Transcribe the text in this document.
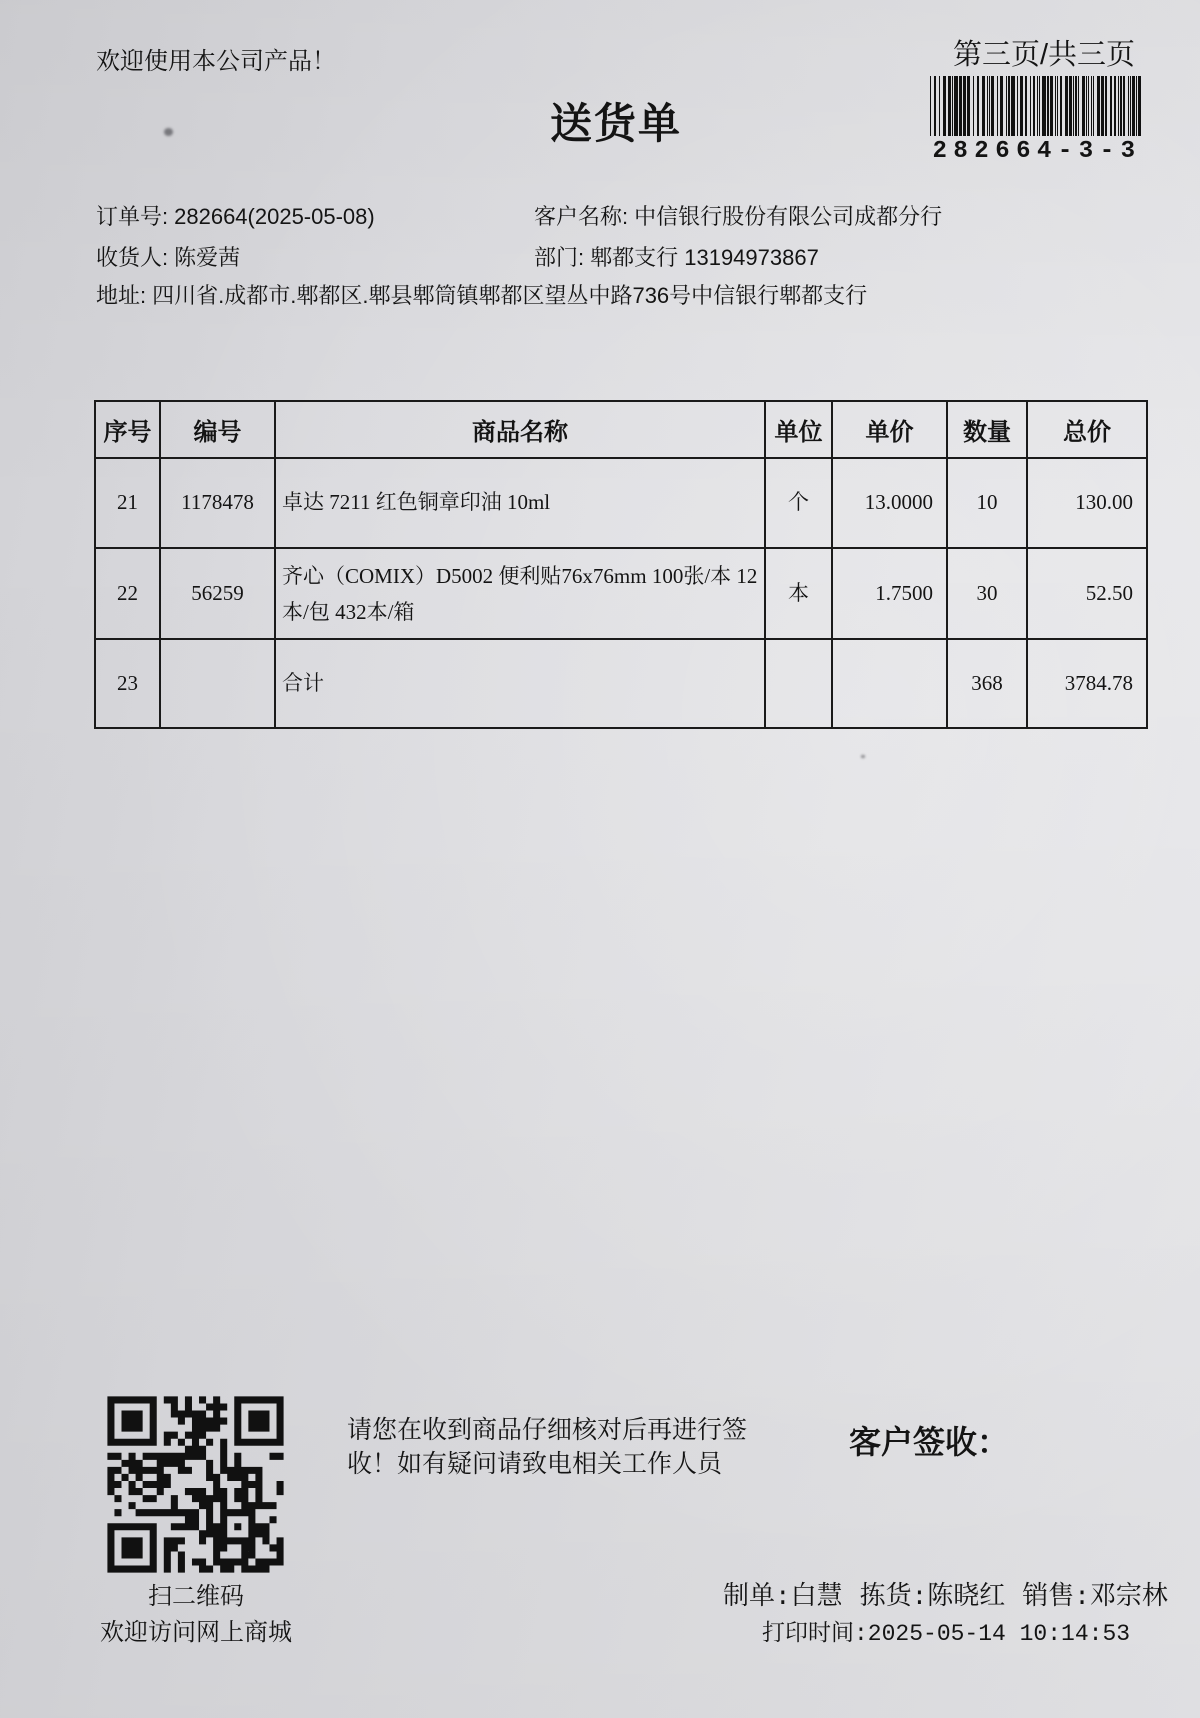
欢迎使用本公司产品！	第三页/共三页
282664-3-3
送货单
订单号: 282664(2025-05-08)	客户名称: 中信银行股份有限公司成都分行
收货人: 陈爱茜	部门: 郫都支行 13194973867
地址: 四川省.成都市.郫都区.郫县郫筒镇郫都区望丛中路736号中信银行郫都支行
序号	编号	商品名称	单位	单价	数量	总价
21	1178478	卓达 7211 红色铜章印油 10ml	个	13.0000	10	130.00
22	56259	齐心（COMIX）D5002 便利贴76x76mm 100张/本 12本/包 432本/箱	本	1.7500	30	52.50
23		合计			368	3784.78
扫二维码
欢迎访问网上商城
请您在收到商品仔细核对后再进行签收！如有疑问请致电相关工作人员
客户签收：
制单:白慧 拣货:陈晓红 销售:邓宗林
打印时间:2025-05-14 10:14:53
